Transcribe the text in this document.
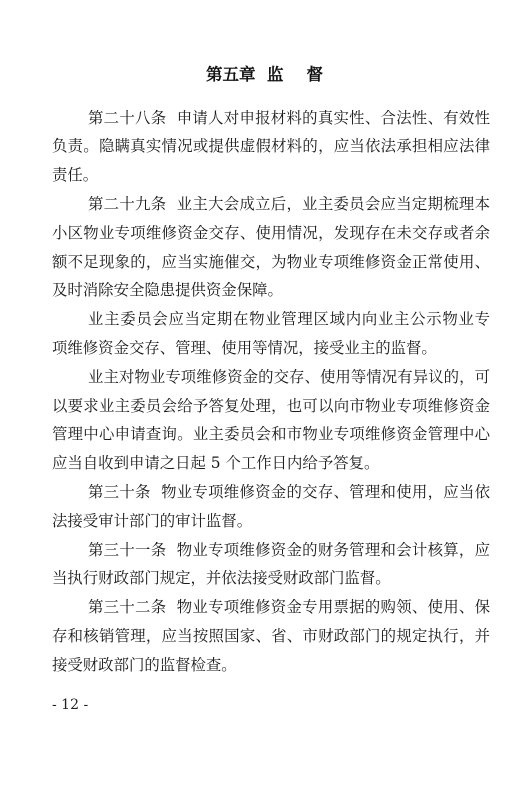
第五章  监    督
第二十八条  申请人对申报材料的真实性、合法性、有效性
负责。隐瞒真实情况或提供虚假材料的，应当依法承担相应法律
责任。
第二十九条  业主大会成立后，业主委员会应当定期梳理本
小区物业专项维修资金交存、使用情况，发现存在未交存或者余
额不足现象的，应当实施催交，为物业专项维修资金正常使用、
及时消除安全隐患提供资金保障。
业主委员会应当定期在物业管理区域内向业主公示物业专
项维修资金交存、管理、使用等情况，接受业主的监督。
业主对物业专项维修资金的交存、使用等情况有异议的，可
以要求业主委员会给予答复处理，也可以向市物业专项维修资金
管理中心申请查询。业主委员会和市物业专项维修资金管理中心
应当自收到申请之日起 5 个工作日内给予答复。
第三十条  物业专项维修资金的交存、管理和使用，应当依
法接受审计部门的审计监督。
第三十一条  物业专项维修资金的财务管理和会计核算，应
当执行财政部门规定，并依法接受财政部门监督。
第三十二条  物业专项维修资金专用票据的购领、使用、保
存和核销管理，应当按照国家、省、市财政部门的规定执行，并
接受财政部门的监督检查。
- 12 -
